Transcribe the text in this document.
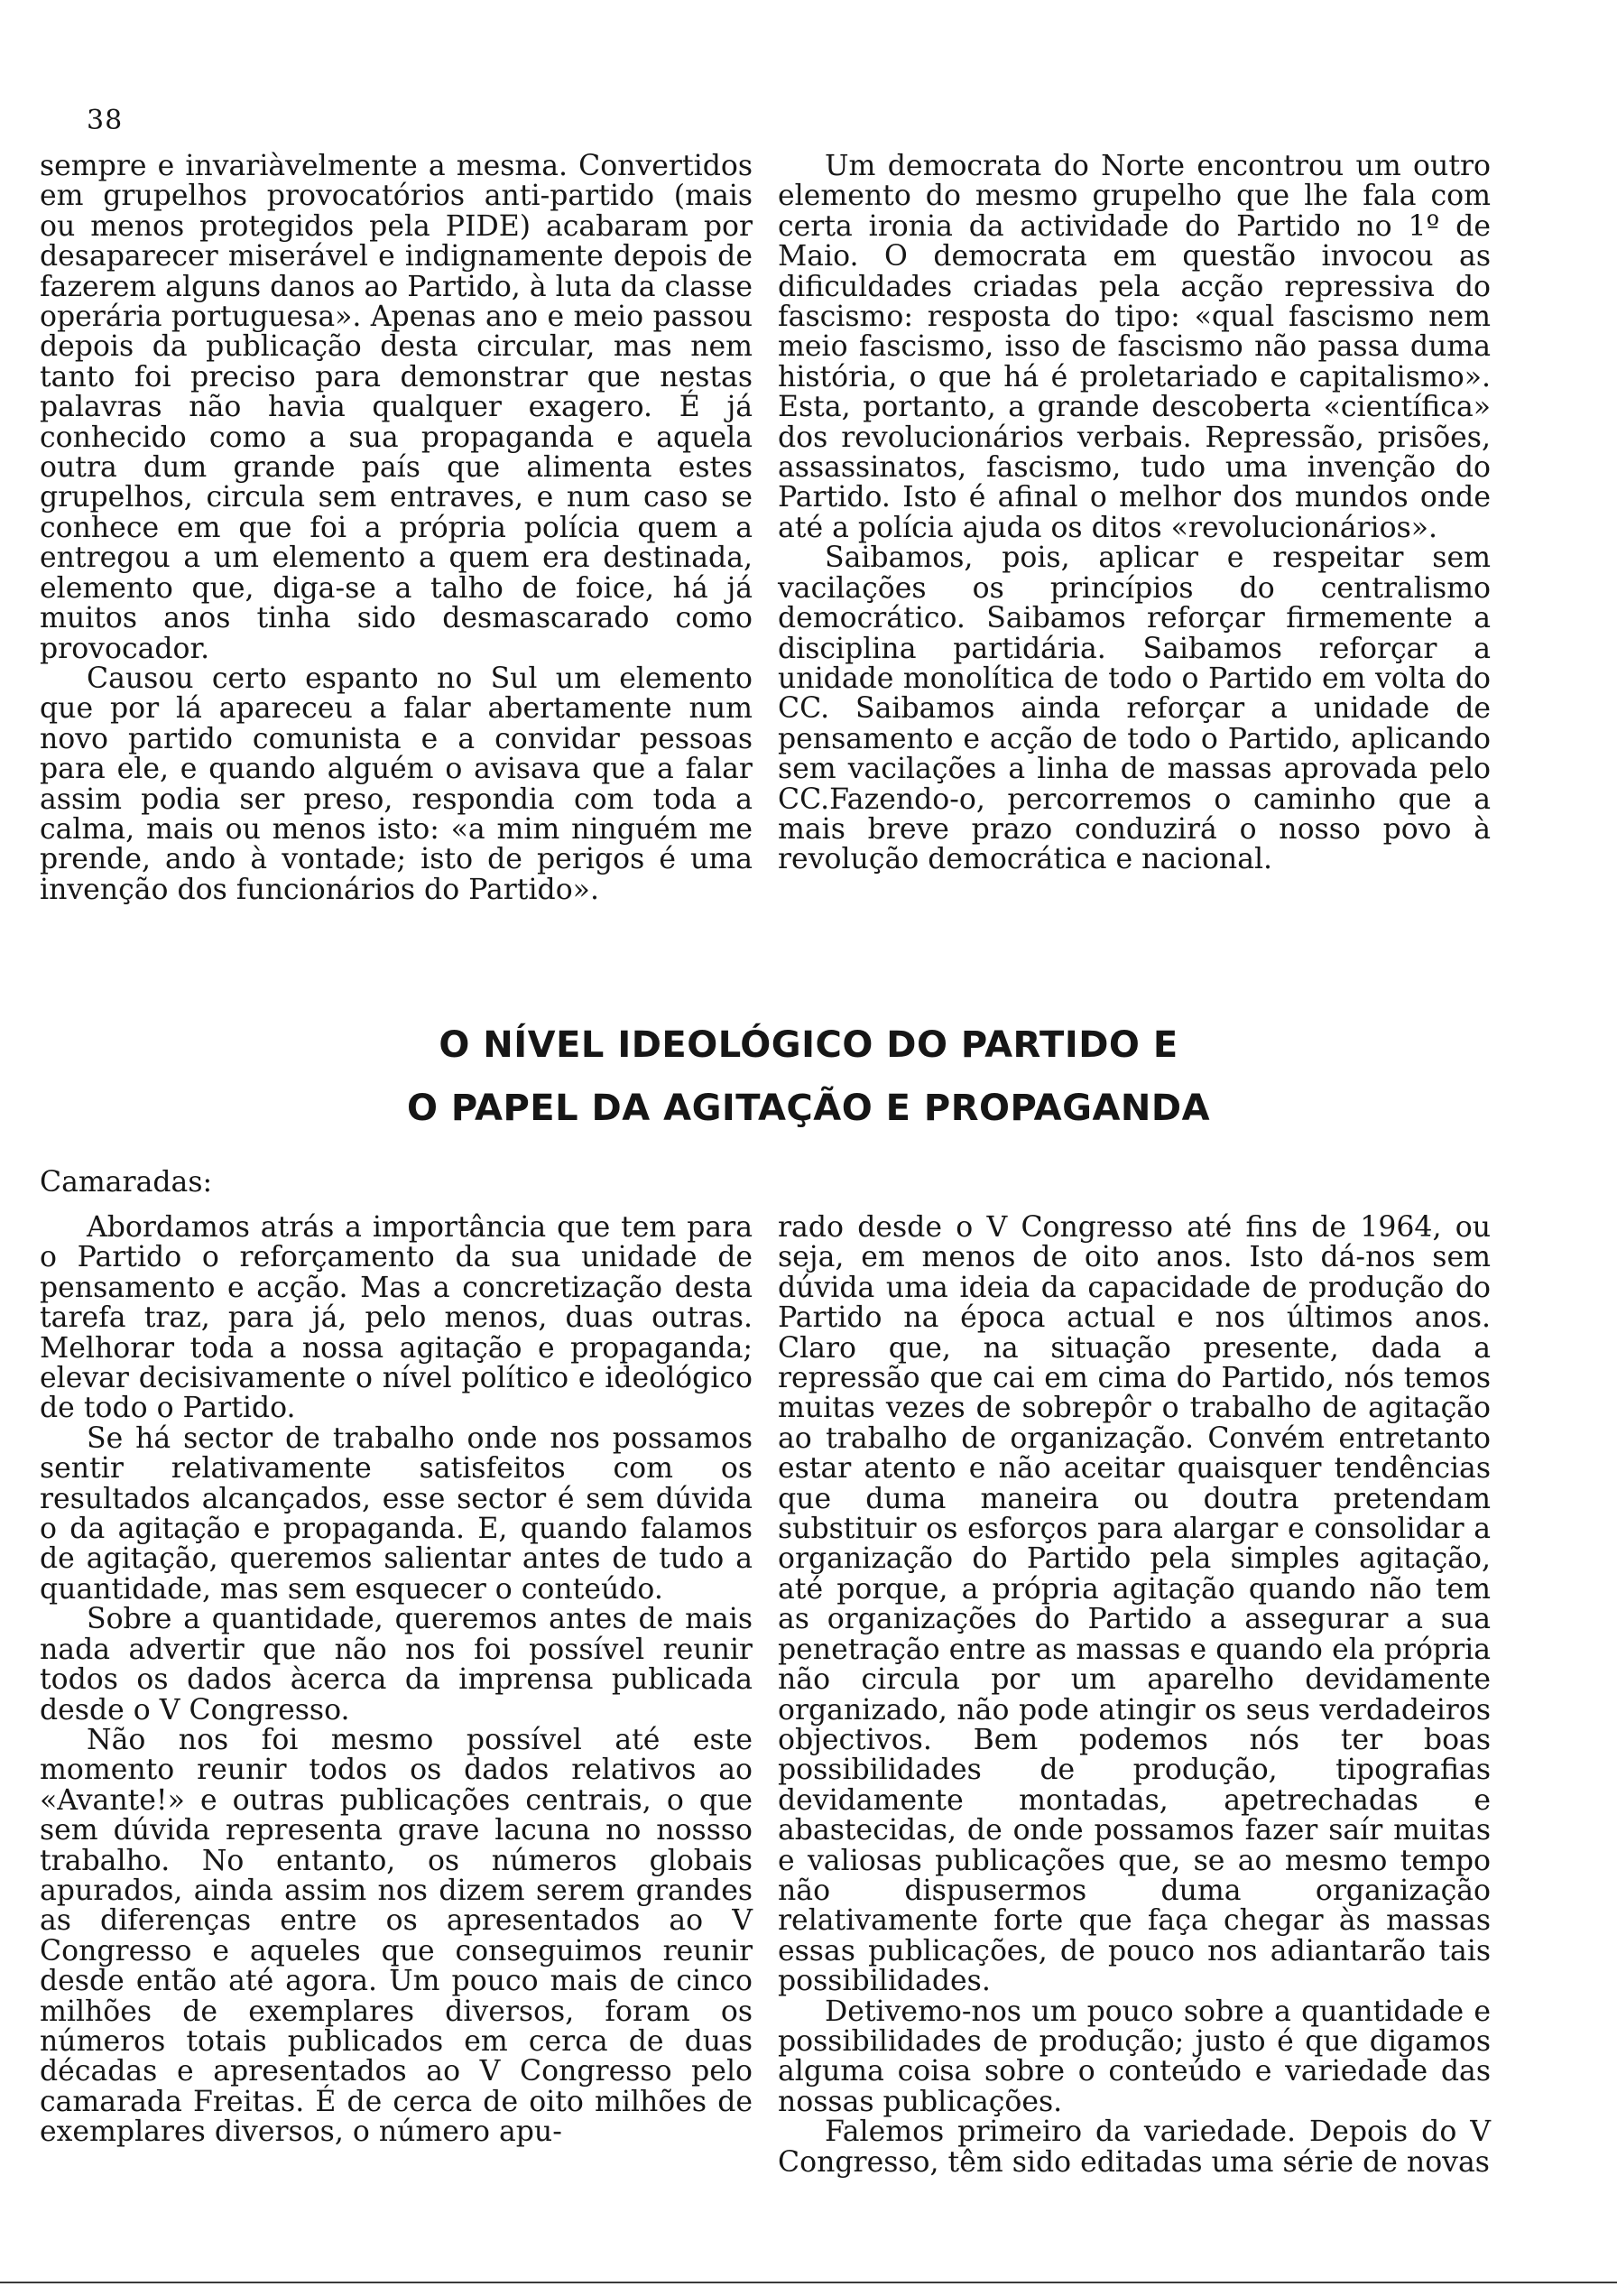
38

sempre e invariàvelmente a mesma. Convertidos em grupelhos provocatórios anti-partido (mais ou menos protegidos pela PIDE) acabaram por desaparecer miserável e indignamente depois de fazerem alguns danos ao Partido, à luta da classe operária portuguesa». Apenas ano e meio passou depois da publicação desta circular, mas nem tanto foi preciso para demonstrar que nestas palavras não havia qualquer exagero. É já conhecido como a sua propaganda e aquela outra dum grande país que alimenta estes grupelhos, circula sem entraves, e num caso se conhece em que foi a própria polícia quem a entregou a um elemento a quem era destinada, elemento que, diga-se a talho de foice, há já muitos anos tinha sido desmascarado como provocador.

Causou certo espanto no Sul um elemento que por lá apareceu a falar abertamente num novo partido comunista e a convidar pessoas para ele, e quando alguém o avisava que a falar assim podia ser preso, respondia com toda a calma, mais ou menos isto: «a mim ninguém me prende, ando à vontade; isto de perigos é uma invenção dos funcionários do Partido».

Um democrata do Norte encontrou um outro elemento do mesmo grupelho que lhe fala com certa ironia da actividade do Partido no 1º de Maio. O democrata em questão invocou as dificuldades criadas pela acção repressiva do fascismo: resposta do tipo: «qual fascismo nem meio fascismo, isso de fascismo não passa duma história, o que há é proletariado e capitalismo». Esta, portanto, a grande descoberta «científica» dos revolucionários verbais. Repressão, prisões, assassinatos, fascismo, tudo uma invenção do Partido. Isto é afinal o melhor dos mundos onde até a polícia ajuda os ditos «revolucionários».

Saibamos, pois, aplicar e respeitar sem vacilações os princípios do centralismo democrático. Saibamos reforçar firmemente a disciplina partidária. Saibamos reforçar a unidade monolítica de todo o Partido em volta do CC. Saibamos ainda reforçar a unidade de pensamento e acção de todo o Partido, aplicando sem vacilações a linha de massas aprovada pelo CC.Fazendo-o, percorremos o caminho que a mais breve prazo conduzirá o nosso povo à revolução democrática e nacional.

O NÍVEL IDEOLÓGICO DO PARTIDO E
O PAPEL DA AGITAÇÃO E PROPAGANDA
Camaradas:

Abordamos atrás a importância que tem para o Partido o reforçamento da sua unidade de pensamento e acção. Mas a concretização desta tarefa traz, para já, pelo menos, duas outras. Melhorar toda a nossa agitação e propaganda; elevar decisivamente o nível político e ideológico de todo o Partido.

Se há sector de trabalho onde nos possamos sentir relativamente satisfeitos com os resultados alcançados, esse sector é sem dúvida o da agitação e propaganda. E, quando falamos de agitação, queremos salientar antes de tudo a quantidade, mas sem esquecer o conteúdo.

Sobre a quantidade, queremos antes de mais nada advertir que não nos foi possível reunir todos os dados àcerca da imprensa publicada desde o V Congresso.

Não nos foi mesmo possível até este momento reunir todos os dados relativos ao «Avante!» e outras publicações centrais, o que sem dúvida representa grave lacuna no nossso trabalho. No entanto, os números globais apurados, ainda assim nos dizem serem grandes as diferenças entre os apresentados ao V Congresso e aqueles que conseguimos reunir desde então até agora. Um pouco mais de cinco milhões de exemplares diversos, foram os números totais publicados em cerca de duas décadas e apresentados ao V Congresso pelo camarada Freitas. É de cerca de oito milhões de exemplares diversos, o número apu-

rado desde o V Congresso até fins de 1964, ou seja, em menos de oito anos. Isto dá-nos sem dúvida uma ideia da capacidade de produção do Partido na época actual e nos últimos anos. Claro que, na situação presente, dada a repressão que cai em cima do Partido, nós temos muitas vezes de sobrepôr o trabalho de agitação ao trabalho de organização. Convém entretanto estar atento e não aceitar quaisquer tendências que duma maneira ou doutra pretendam substituir os esforços para alargar e consolidar a organização do Partido pela simples agitação, até porque, a própria agitação quando não tem as organizações do Partido a assegurar a sua penetração entre as massas e quando ela própria não circula por um aparelho devidamente organizado, não pode atingir os seus verdadeiros objectivos. Bem podemos nós ter boas possibilidades de produção, tipografias devidamente montadas, apetrechadas e abastecidas, de onde possamos fazer saír muitas e valiosas publicações que, se ao mesmo tempo não dispusermos duma organização relativamente forte que faça chegar às massas essas publicações, de pouco nos adiantarão tais possibilidades.

Detivemo-nos um pouco sobre a quantidade e possibilidades de produção; justo é que digamos alguma coisa sobre o conteúdo e variedade das nossas publicações.

Falemos primeiro da variedade. Depois do V Congresso, têm sido editadas uma série de novas
